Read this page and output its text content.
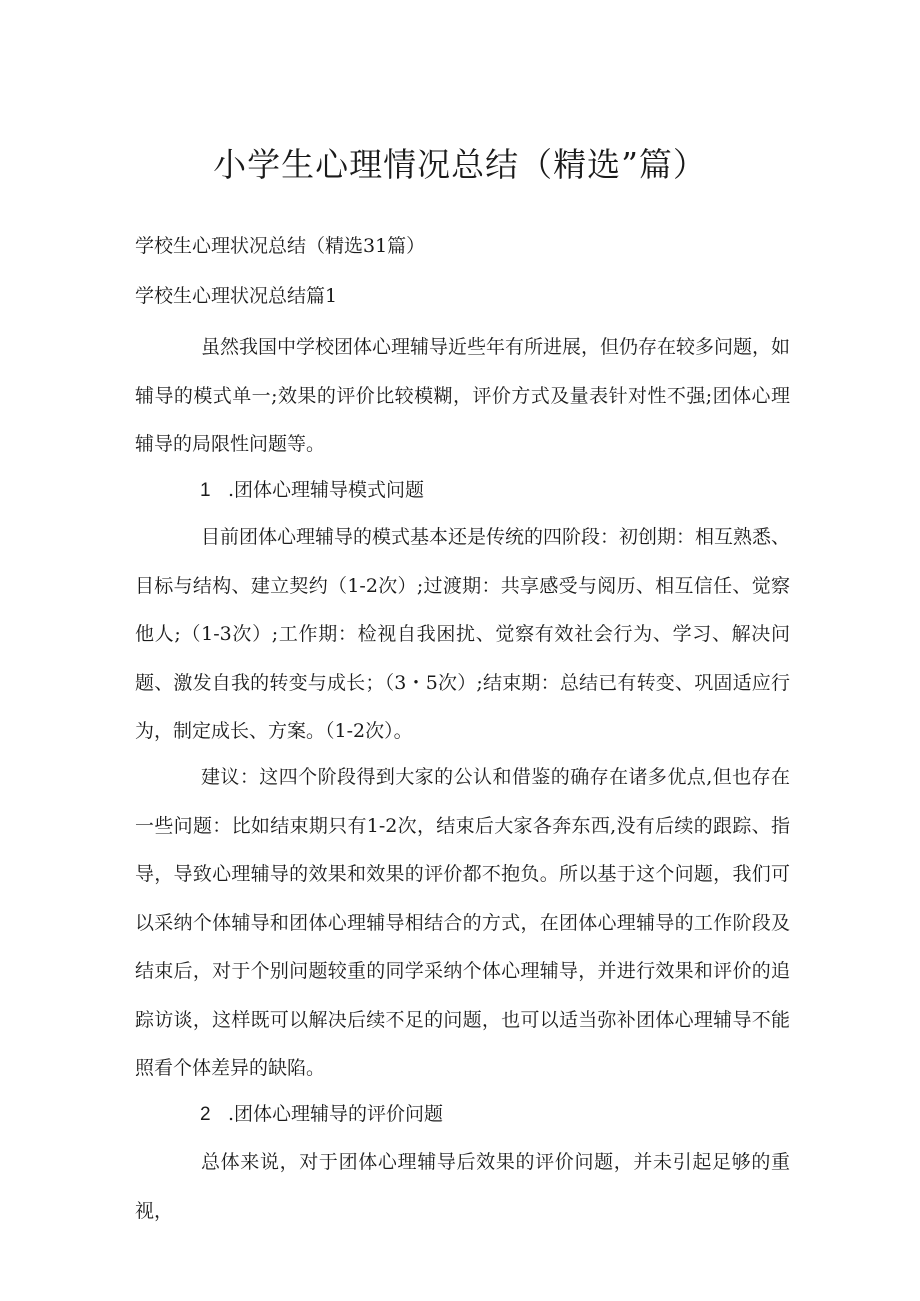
小学生心理情况总结（精选”篇）

学校生心理状况总结（精选31篇）

学校生心理状况总结篇1

虽然我国中学校团体心理辅导近些年有所进展，但仍存在较多问题，如辅导的模式单一;效果的评价比较模糊，评价方式及量表针对性不强;团体心理辅导的局限性问题等。

1 .团体心理辅导模式问题

目前团体心理辅导的模式基本还是传统的四阶段：初创期：相互熟悉、目标与结构、建立契约（1-2次）;过渡期：共享感受与阅历、相互信任、觉察他人;（1-3次）;工作期：检视自我困扰、觉察有效社会行为、学习、解决问题、激发自我的转变与成长；（3・5次）;结束期：总结已有转变、巩固适应行为，制定成长、方案。（1-2次）。

建议：这四个阶段得到大家的公认和借鉴的确存在诸多优点,但也存在一些问题：比如结束期只有1-2次，结束后大家各奔东西,没有后续的跟踪、指导，导致心理辅导的效果和效果的评价都不抱负。所以基于这个问题，我们可以采纳个体辅导和团体心理辅导相结合的方式，在团体心理辅导的工作阶段及结束后，对于个别问题较重的同学采纳个体心理辅导，并进行效果和评价的追踪访谈，这样既可以解决后续不足的问题，也可以适当弥补团体心理辅导不能照看个体差异的缺陷。

2 .团体心理辅导的评价问题

总体来说，对于团体心理辅导后效果的评价问题，并未引起足够的重视，
